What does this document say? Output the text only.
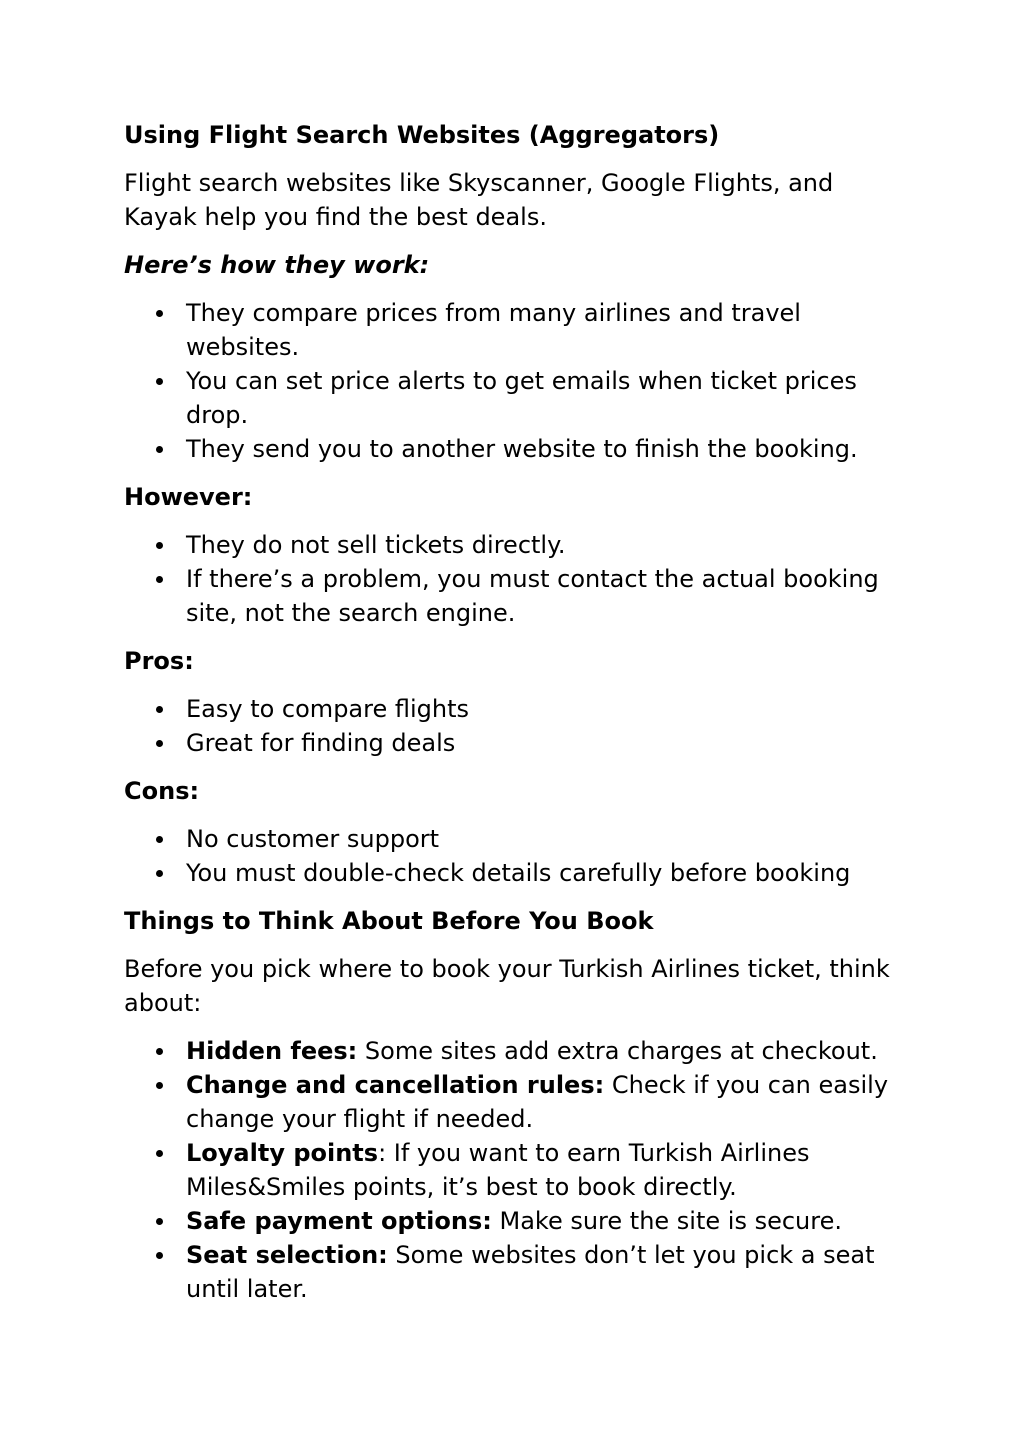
Using Flight Search Websites (Aggregators)
Flight search websites like Skyscanner, Google Flights, and Kayak help you find the best deals.
Here’s how they work:
They compare prices from many airlines and travel websites.
You can set price alerts to get emails when ticket prices drop.
They send you to another website to finish the booking.
However:
They do not sell tickets directly.
If there’s a problem, you must contact the actual booking site, not the search engine.
Pros:
Easy to compare flights
Great for finding deals
Cons:
No customer support
You must double-check details carefully before booking
Things to Think About Before You Book
Before you pick where to book your Turkish Airlines ticket, think about:
Hidden fees: Some sites add extra charges at checkout.
Change and cancellation rules: Check if you can easily change your flight if needed.
Loyalty points: If you want to earn Turkish Airlines Miles&Smiles points, it’s best to book directly.
Safe payment options: Make sure the site is secure.
Seat selection: Some websites don’t let you pick a seat until later.
